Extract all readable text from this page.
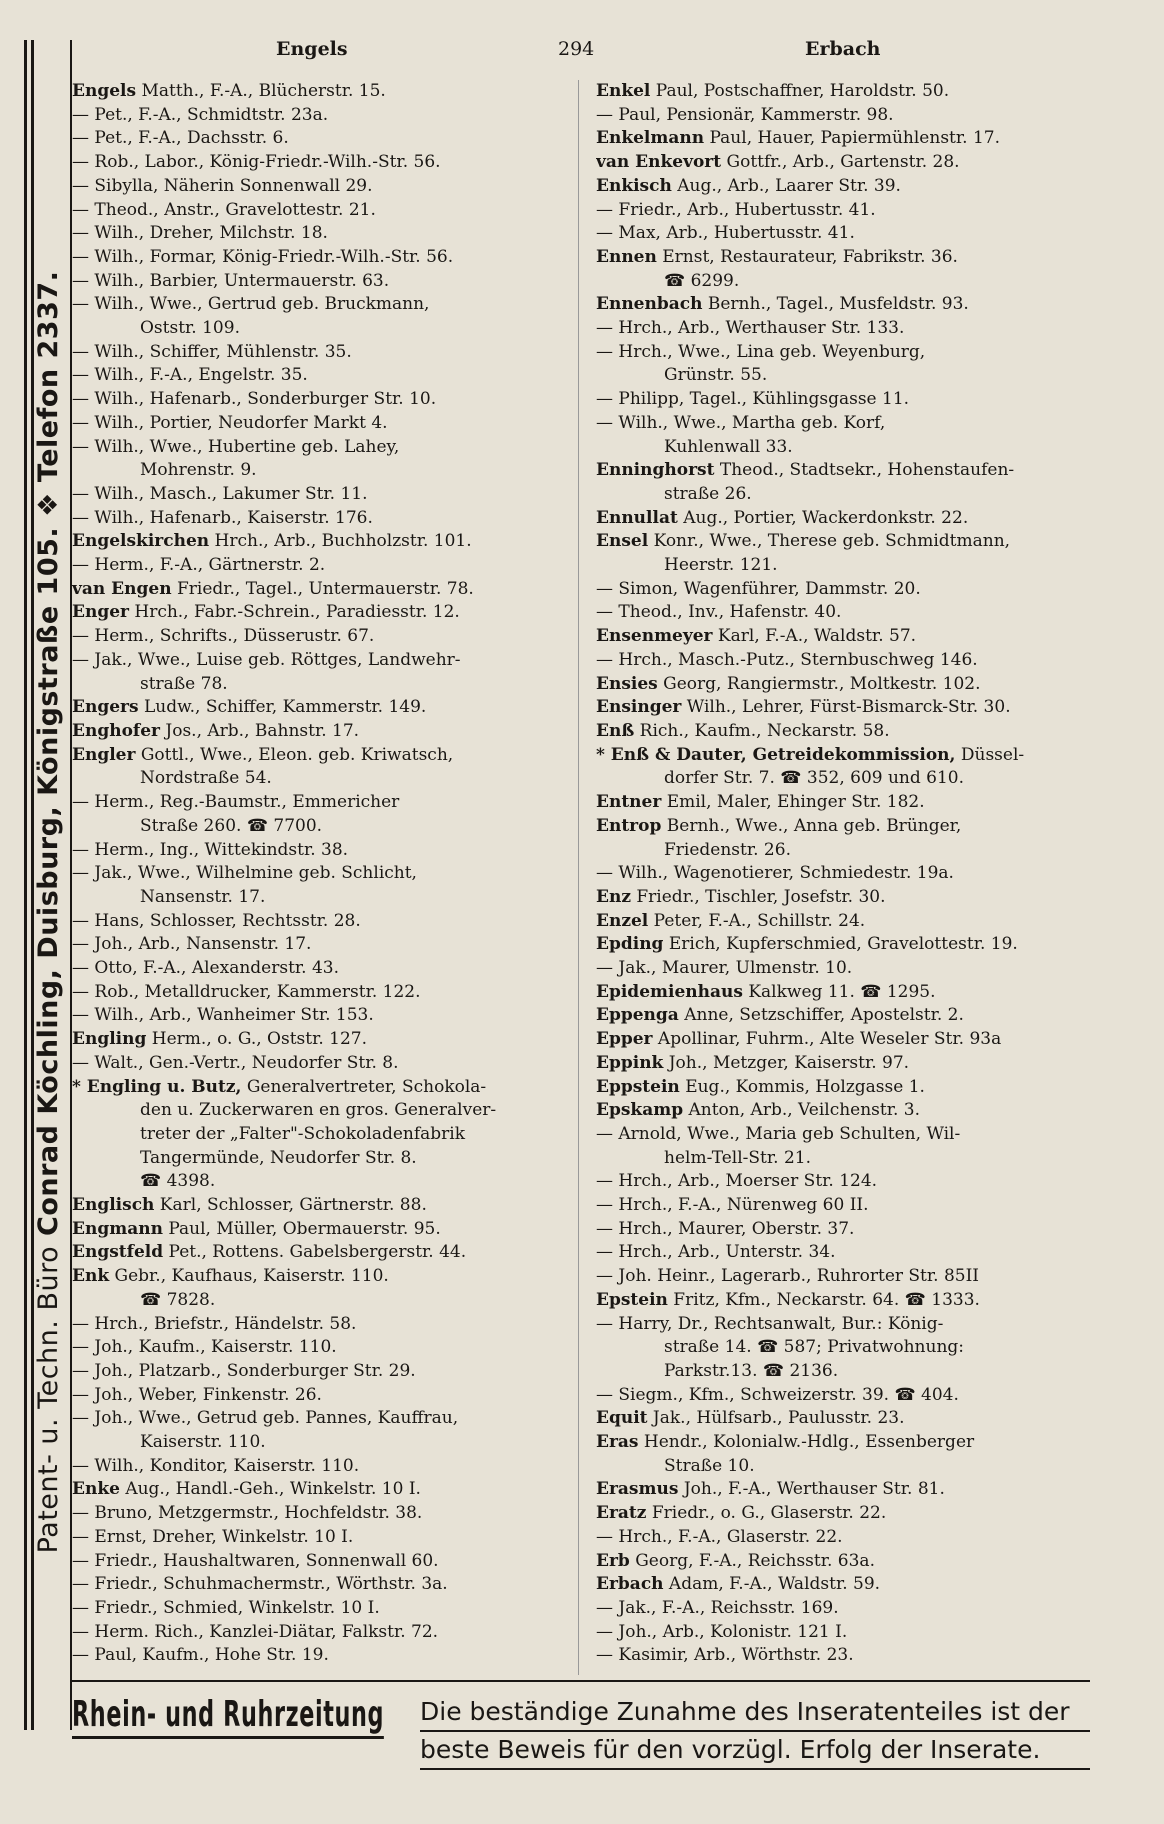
Patent- u. Techn. Büro

Conrad Köchling, Duisburg, Königstraße 105.
❖
Telefon 2337.
Engels	294	Erbach
Engels Matth., F.-A., Blücherstr. 15.
— Pet., F.-A., Schmidtstr. 23a.
— Pet., F.-A., Dachsstr. 6.
— Rob., Labor., König-Friedr.-Wilh.-Str. 56.
— Sibylla, Näherin Sonnenwall 29.
— Theod., Anstr., Gravelottestr. 21.
— Wilh., Dreher, Milchstr. 18.
— Wilh., Formar, König-Friedr.-Wilh.-Str. 56.
— Wilh., Barbier, Untermauerstr. 63.
— Wilh., Wwe., Gertrud geb. Bruckmann,
Oststr. 109.
— Wilh., Schiffer, Mühlenstr. 35.
— Wilh., F.-A., Engelstr. 35.
— Wilh., Hafenarb., Sonderburger Str. 10.
— Wilh., Portier, Neudorfer Markt 4.
— Wilh., Wwe., Hubertine geb. Lahey,
Mohrenstr. 9.
— Wilh., Masch., Lakumer Str. 11.
— Wilh., Hafenarb., Kaiserstr. 176.
Engelskirchen Hrch., Arb., Buchholzstr. 101.
— Herm., F.-A., Gärtnerstr. 2.
van Engen Friedr., Tagel., Untermauerstr. 78.
Enger Hrch., Fabr.-Schrein., Paradiesstr. 12.
— Herm., Schrifts., Düsserustr. 67.
— Jak., Wwe., Luise geb. Röttges, Landwehr-
straße 78.
Engers Ludw., Schiffer, Kammerstr. 149.
Enghofer Jos., Arb., Bahnstr. 17.
Engler Gottl., Wwe., Eleon. geb. Kriwatsch,
Nordstraße 54.
— Herm., Reg.-Baumstr., Emmericher
Straße 260. ☎ 7700.
— Herm., Ing., Wittekindstr. 38.
— Jak., Wwe., Wilhelmine geb. Schlicht,
Nansenstr. 17.
— Hans, Schlosser, Rechtsstr. 28.
— Joh., Arb., Nansenstr. 17.
— Otto, F.-A., Alexanderstr. 43.
— Rob., Metalldrucker, Kammerstr. 122.
— Wilh., Arb., Wanheimer Str. 153.
Engling Herm., o. G., Oststr. 127.
— Walt., Gen.-Vertr., Neudorfer Str. 8.
* Engling u. Butz, Generalvertreter, Schokola-
den u. Zuckerwaren en gros. Generalver-
treter der „Falter"-Schokoladenfabrik
Tangermünde, Neudorfer Str. 8.
☎ 4398.
Englisch Karl, Schlosser, Gärtnerstr. 88.
Engmann Paul, Müller, Obermauerstr. 95.
Engstfeld Pet., Rottens. Gabelsbergerstr. 44.
Enk Gebr., Kaufhaus, Kaiserstr. 110.
☎ 7828.
— Hrch., Briefstr., Händelstr. 58.
— Joh., Kaufm., Kaiserstr. 110.
— Joh., Platzarb., Sonderburger Str. 29.
— Joh., Weber, Finkenstr. 26.
— Joh., Wwe., Getrud geb. Pannes, Kauffrau,
Kaiserstr. 110.
— Wilh., Konditor, Kaiserstr. 110.
Enke Aug., Handl.-Geh., Winkelstr. 10 I.
— Bruno, Metzgermstr., Hochfeldstr. 38.
— Ernst, Dreher, Winkelstr. 10 I.
— Friedr., Haushaltwaren, Sonnenwall 60.
— Friedr., Schuhmachermstr., Wörthstr. 3a.
— Friedr., Schmied, Winkelstr. 10 I.
— Herm. Rich., Kanzlei-Diätar, Falkstr. 72.
— Paul, Kaufm., Hohe Str. 19.
Enkel Paul, Postschaffner, Haroldstr. 50.
— Paul, Pensionär, Kammerstr. 98.
Enkelmann Paul, Hauer, Papiermühlenstr. 17.
van Enkevort Gottfr., Arb., Gartenstr. 28.
Enkisch Aug., Arb., Laarer Str. 39.
— Friedr., Arb., Hubertusstr. 41.
— Max, Arb., Hubertusstr. 41.
Ennen Ernst, Restaurateur, Fabrikstr. 36.
☎ 6299.
Ennenbach Bernh., Tagel., Musfeldstr. 93.
— Hrch., Arb., Werthauser Str. 133.
— Hrch., Wwe., Lina geb. Weyenburg,
Grünstr. 55.
— Philipp, Tagel., Kühlingsgasse 11.
— Wilh., Wwe., Martha geb. Korf,
Kuhlenwall 33.
Enninghorst Theod., Stadtsekr., Hohenstaufen-
straße 26.
Ennullat Aug., Portier, Wackerdonkstr. 22.
Ensel Konr., Wwe., Therese geb. Schmidtmann,
Heerstr. 121.
— Simon, Wagenführer, Dammstr. 20.
— Theod., Inv., Hafenstr. 40.
Ensenmeyer Karl, F.-A., Waldstr. 57.
— Hrch., Masch.-Putz., Sternbuschweg 146.
Ensies Georg, Rangiermstr., Moltkestr. 102.
Ensinger Wilh., Lehrer, Fürst-Bismarck-Str. 30.
Enß Rich., Kaufm., Neckarstr. 58.
* Enß & Dauter, Getreidekommission, Düssel-
dorfer Str. 7. ☎ 352, 609 und 610.
Entner Emil, Maler, Ehinger Str. 182.
Entrop Bernh., Wwe., Anna geb. Brünger,
Friedenstr. 26.
— Wilh., Wagenotierer, Schmiedestr. 19a.
Enz Friedr., Tischler, Josefstr. 30.
Enzel Peter, F.-A., Schillstr. 24.
Epding Erich, Kupferschmied, Gravelottestr. 19.
— Jak., Maurer, Ulmenstr. 10.
Epidemienhaus Kalkweg 11. ☎ 1295.
Eppenga Anne, Setzschiffer, Apostelstr. 2.
Epper Apollinar, Fuhrm., Alte Weseler Str. 93a
Eppink Joh., Metzger, Kaiserstr. 97.
Eppstein Eug., Kommis, Holzgasse 1.
Epskamp Anton, Arb., Veilchenstr. 3.
— Arnold, Wwe., Maria geb Schulten, Wil-
helm-Tell-Str. 21.
— Hrch., Arb., Moerser Str. 124.
— Hrch., F.-A., Nürenweg 60 II.
— Hrch., Maurer, Oberstr. 37.
— Hrch., Arb., Unterstr. 34.
— Joh. Heinr., Lagerarb., Ruhrorter Str. 85II
Epstein Fritz, Kfm., Neckarstr. 64. ☎ 1333.
— Harry, Dr., Rechtsanwalt, Bur.: König-
straße 14. ☎ 587; Privatwohnung:
Parkstr.13. ☎ 2136.
— Siegm., Kfm., Schweizerstr. 39. ☎ 404.
Equit Jak., Hülfsarb., Paulusstr. 23.
Eras Hendr., Kolonialw.-Hdlg., Essenberger
Straße 10.
Erasmus Joh., F.-A., Werthauser Str. 81.
Eratz Friedr., o. G., Glaserstr. 22.
— Hrch., F.-A., Glaserstr. 22.
Erb Georg, F.-A., Reichsstr. 63a.
Erbach Adam, F.-A., Waldstr. 59.
— Jak., F.-A., Reichsstr. 169.
— Joh., Arb., Kolonistr. 121 I.
— Kasimir, Arb., Wörthstr. 23.
Rhein- und Ruhrzeitung Die beständige Zunahme des Inseratenteiles ist der
beste Beweis für den vorzügl. Erfolg der Inserate.
